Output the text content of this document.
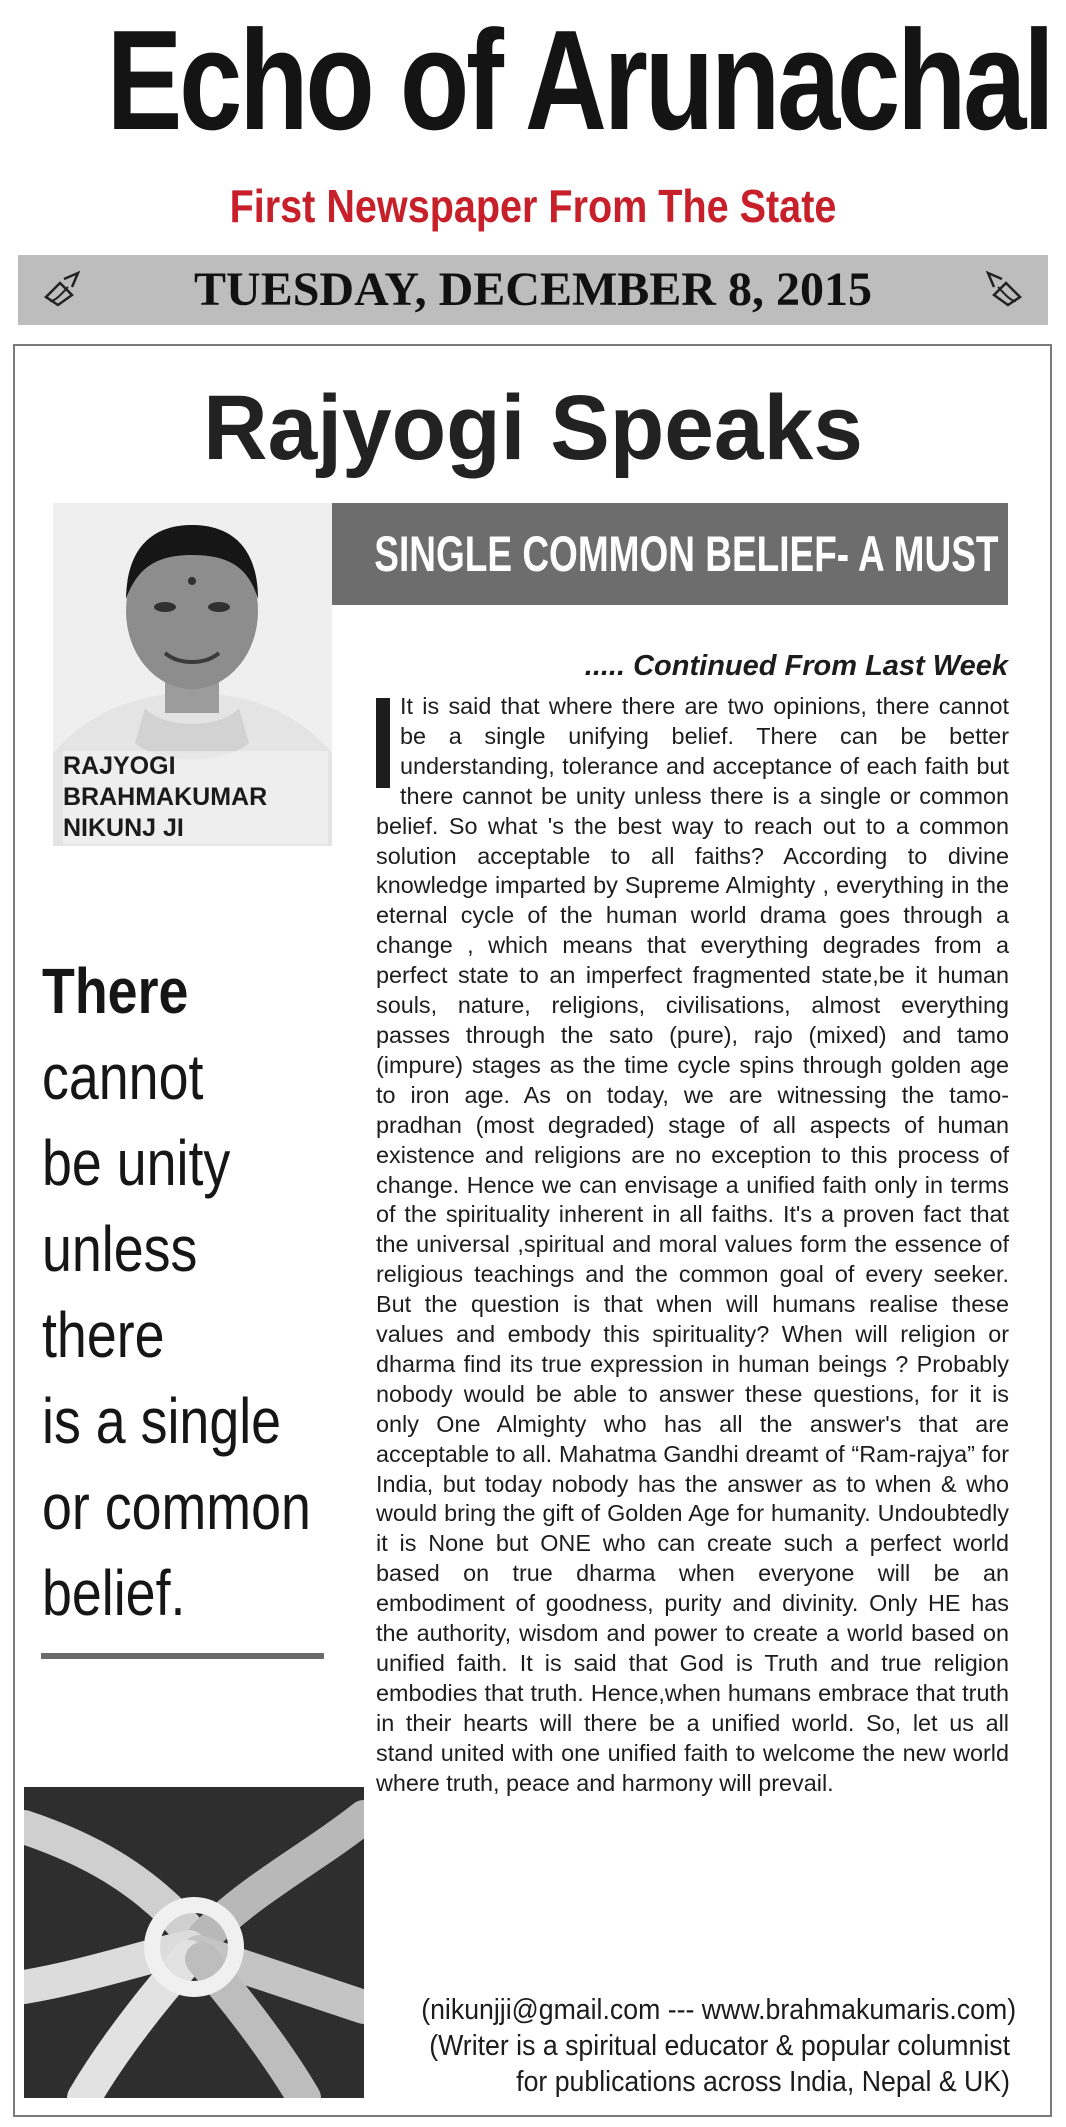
Echo of Arunachal
First Newspaper From The State
TUESDAY, DECEMBER 8, 2015
Rajyogi Speaks
SINGLE COMMON BELIEF- A MUST
RAJYOGI
BRAHMAKUMAR
NIKUNJ JI
..... Continued From Last Week
It is said that where there are two opinions, there cannot be a single unifying belief. There can be better understanding, tolerance and acceptance of each faith but there cannot be unity unless there is a single or common belief. So what 's the best way to reach out to a common solution acceptable to all faiths? According to divine knowledge imparted by Supreme Almighty , everything in the eternal cycle of the human world drama goes through a change , which means that everything degrades from a perfect state to an imperfect fragmented state,be it human souls, nature, religions, civilisations, almost everything passes through the sato (pure), rajo (mixed) and tamo (impure) stages as the time cycle spins through golden age to iron age. As on today, we are witnessing the tamo-pradhan (most degraded) stage of all aspects of human existence and religions are no exception to this process of change. Hence we can envisage a unified faith only in terms of the spirituality inherent in all faiths. It's a proven fact that the universal ,spiritual and moral values form the essence of religious teachings and the common goal of every seeker. But the question is that when will humans realise these values and embody this spirituality? When will religion or dharma find its true expression in human beings ? Probably nobody would be able to answer these questions, for it is only One Almighty who has all the answer's that are acceptable to all. Mahatma Gandhi dreamt of “Ram-rajya” for India, but today nobody has the answer as to when & who would bring the gift of Golden Age for humanity. Undoubtedly it is None but ONE who can create such a perfect world based on true dharma when everyone will be an embodiment of goodness, purity and divinity. Only HE has the authority, wisdom and power to create a world based on unified faith. It is said that God is Truth and true religion embodies that truth. Hence,when humans embrace that truth in their hearts will there be a unified world. So, let us all stand united with one unified faith to welcome the new world where truth, peace and harmony will prevail.
There
cannot
be unity
unless
there
is a single
or common
belief.
(nikunjji@gmail.com --- www.brahmakumaris.com)
(Writer is a spiritual educator & popular columnist
for publications across India, Nepal & UK)
